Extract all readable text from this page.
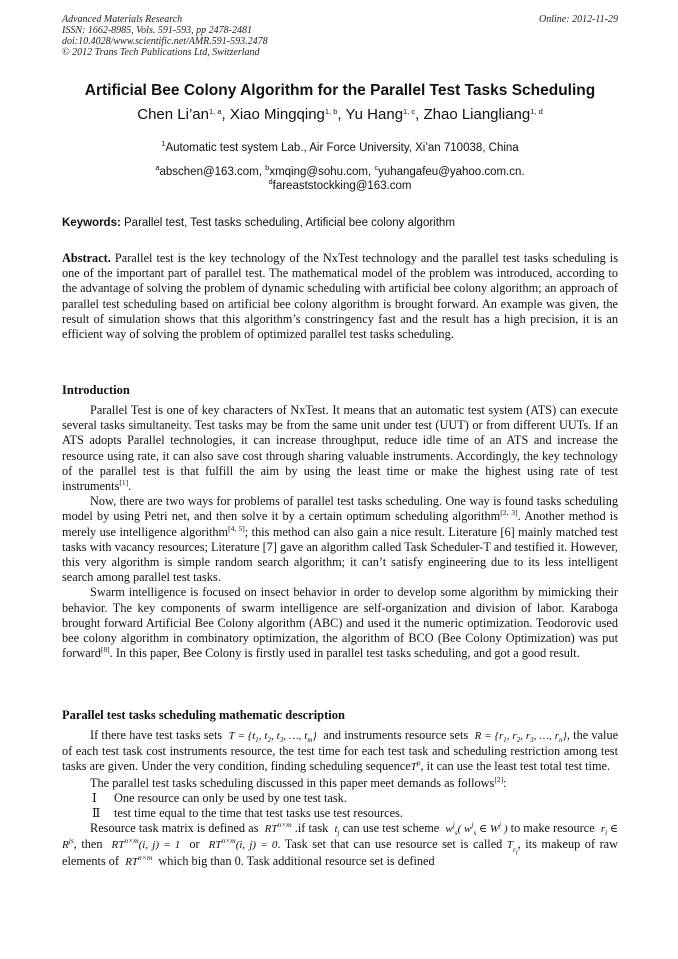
Advanced Materials Research
ISSN: 1662-8985, Vols. 591-593, pp 2478-2481
doi:10.4028/www.scientific.net/AMR.591-593.2478
© 2012 Trans Tech Publications Ltd, Switzerland
Online: 2012-11-29
Artificial Bee Colony Algorithm for the Parallel Test Tasks Scheduling
Chen Li’an$^{1, a}$, Xiao Mingqing$^{1, b}$, Yu Hang$^{1, c}$, Zhao Liangliang$^{1, d}$
$^1$Automatic test system Lab., Air Force University, Xi’an 710038, China
$^a$abschen@163.com, $^b$xmqing@sohu.com, $^c$yuhangafeu@yahoo.com.cn.
$^d$fareaststockking@163.com
Keywords: Parallel test, Test tasks scheduling, Artificial bee colony algorithm

Abstract. Parallel test is the key technology of the NxTest technology and the parallel test tasks scheduling is one of the important part of parallel test. The mathematical model of the problem was introduced, according to the advantage of solving the problem of dynamic scheduling with artificial bee colony algorithm; an approach of parallel test scheduling based on artificial bee colony algorithm is brought forward. An example was given, the result of simulation shows that this algorithm’s constringency fast and the result has a high precision, it is an efficient way of solving the problem of optimized parallel test tasks scheduling.

Introduction

Parallel Test is one of key characters of NxTest. It means that an automatic test system (ATS) can execute several tasks simultaneity. Test tasks may be from the same unit under test (UUT) or from different UUTs. If an ATS adopts Parallel technologies, it can increase throughput, reduce idle time of an ATS and increase the resource using rate, it can also save cost through sharing valuable instruments. Accordingly, the key technology of the parallel test is that fulfill the aim by using the least time or make the highest using rate of test instruments[1].

Now, there are two ways for problems of parallel test tasks scheduling. One way is found tasks scheduling model by using Petri net, and then solve it by a certain optimum scheduling algorithm[2, 3]. Another method is merely use intelligence algorithm[4, 5]; this method can also gain a nice result. Literature [6] mainly matched test tasks with vacancy resources; Literature [7] gave an algorithm called Task Scheduler-T and testified it. However, this very algorithm is simple random search algorithm; it can’t satisfy engineering due to its less intelligent search among parallel test tasks.

Swarm intelligence is focused on insect behavior in order to develop some algorithm by mimicking their behavior. The key components of swarm intelligence are self-organization and division of labor. Karaboga brought forward Artificial Bee Colony algorithm (ABC) and used it the numeric optimization. Teodorovic used bee colony algorithm in combinatory optimization, the algorithm of BCO (Bee Colony Optimization) was put forward[8]. In this paper, Bee Colony is firstly used in parallel test tasks scheduling, and got a good result.

Parallel test tasks scheduling mathematic description

If there have test tasks sets $T = \{t_1$, $t_2$, $t_3$, …, $t_m$} and instruments resource sets $R = \{r_1$, $r_2$, $r_3$, …, $r_n$}, the value of each test task cost instruments resource, the test time for each test task and scheduling restriction among test tasks are given. Under the very condition, finding scheduling sequenceT$^p$, it can use the least test total test time.

The parallel test tasks scheduling discussed in this paper meet demands as follows[2]:

Ⅰ One resource can only be used by one test task.

Ⅱ test time equal to the time that test tasks use test resources.

Resource task matrix is defined as $RT^{n\times m}$ .if task $t_j$ can use test scheme $w^j_s$( $w^j_s$ ∈ $W^j$ ) to make resource $r_i$ ∈ $R^{js}$, then $RT^{n\times m}(i$, j) = 1 or $RT^{n\times m}(i$, j) = 0. Task set that can use resource set is called $T_{r_i}$, its makeup of raw elements of $RT^{n\times m}$ which big than 0. Task additional resource set is defined
